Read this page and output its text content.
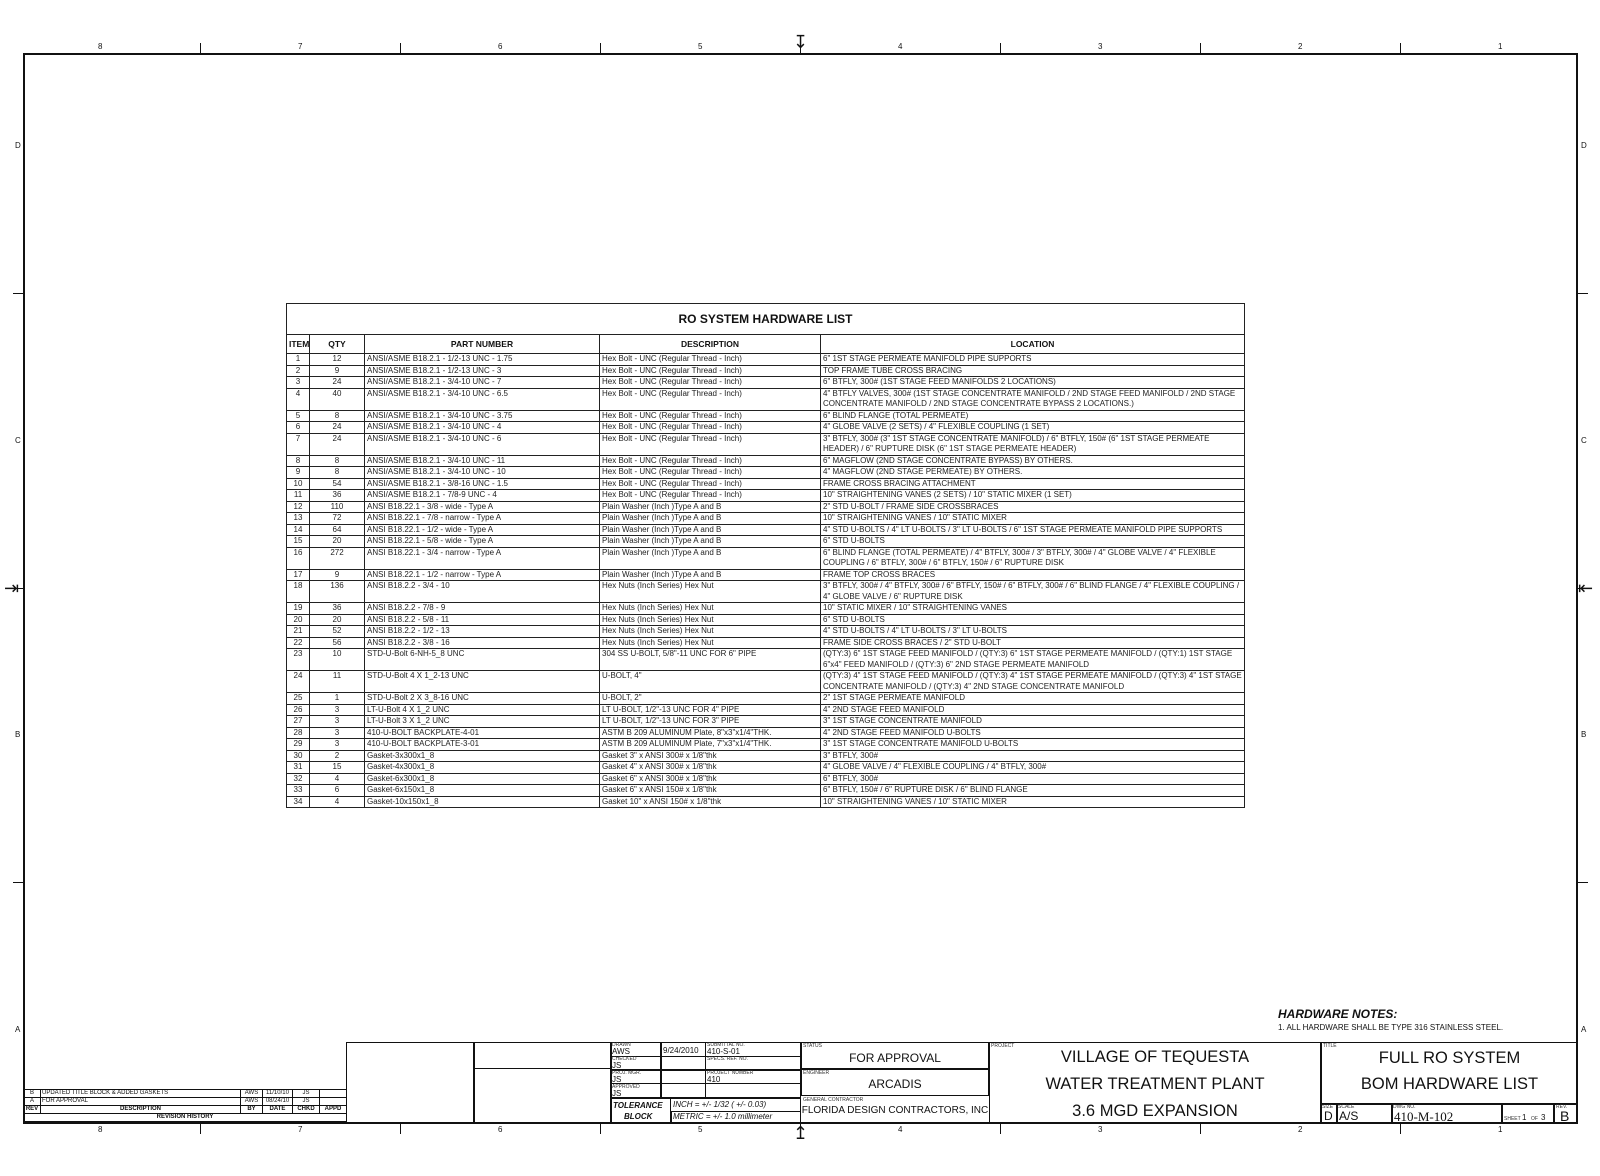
8
8
7
7
6
6
5
5
4
4
3
3
2
2
1
1
D	D
C	C
B	B
A	A
↧
↥
⇥	⇤
RO SYSTEM HARDWARE LIST				
ITEM	QTY	PART NUMBER	DESCRIPTION	LOCATION
1	12	ANSI/ASME B18.2.1 - 1/2-13 UNC - 1.75	Hex Bolt - UNC (Regular Thread - Inch)	6" 1ST STAGE PERMEATE MANIFOLD PIPE SUPPORTS
2	9	ANSI/ASME B18.2.1 - 1/2-13 UNC - 3	Hex Bolt - UNC (Regular Thread - Inch)	TOP FRAME TUBE CROSS BRACING
3	24	ANSI/ASME B18.2.1 - 3/4-10 UNC - 7	Hex Bolt - UNC (Regular Thread - Inch)	6" BTFLY, 300# (1ST STAGE FEED MANIFOLDS 2 LOCATIONS)
4	40	ANSI/ASME B18.2.1 - 3/4-10 UNC - 6.5	Hex Bolt - UNC (Regular Thread - Inch)	4" BTFLY VALVES, 300# (1ST STAGE CONCENTRATE MANIFOLD / 2ND STAGE FEED MANIFOLD / 2ND STAGE CONCENTRATE MANIFOLD / 2ND STAGE CONCENTRATE BYPASS 2 LOCATIONS.)
5	8	ANSI/ASME B18.2.1 - 3/4-10 UNC - 3.75	Hex Bolt - UNC (Regular Thread - Inch)	6" BLIND FLANGE (TOTAL PERMEATE)
6	24	ANSI/ASME B18.2.1 - 3/4-10 UNC - 4	Hex Bolt - UNC (Regular Thread - Inch)	4" GLOBE VALVE (2 SETS) / 4" FLEXIBLE COUPLING (1 SET)
7	24	ANSI/ASME B18.2.1 - 3/4-10 UNC - 6	Hex Bolt - UNC (Regular Thread - Inch)	3" BTFLY, 300# (3" 1ST STAGE CONCENTRATE MANIFOLD) / 6" BTFLY, 150# (6" 1ST STAGE PERMEATE HEADER) / 6" RUPTURE DISK (6" 1ST STAGE PERMEATE HEADER)
8	8	ANSI/ASME B18.2.1 - 3/4-10 UNC - 11	Hex Bolt - UNC (Regular Thread - Inch)	6" MAGFLOW (2ND STAGE CONCENTRATE BYPASS) BY OTHERS.
9	8	ANSI/ASME B18.2.1 - 3/4-10 UNC - 10	Hex Bolt - UNC (Regular Thread - Inch)	4" MAGFLOW (2ND STAGE PERMEATE) BY OTHERS.
10	54	ANSI/ASME B18.2.1 - 3/8-16 UNC - 1.5	Hex Bolt - UNC (Regular Thread - Inch)	FRAME CROSS BRACING ATTACHMENT
11	36	ANSI/ASME B18.2.1 - 7/8-9 UNC - 4	Hex Bolt - UNC (Regular Thread - Inch)	10" STRAIGHTENING VANES (2 SETS) / 10" STATIC MIXER (1 SET)
12	110	ANSI B18.22.1 - 3/8 - wide - Type A	Plain Washer (Inch )Type A and B	2" STD U-BOLT / FRAME SIDE CROSSBRACES
13	72	ANSI B18.22.1 - 7/8 - narrow - Type A	Plain Washer (Inch )Type A and B	10" STRAIGHTENING VANES / 10" STATIC MIXER
14	64	ANSI B18.22.1 - 1/2 - wide - Type A	Plain Washer (Inch )Type A and B	4" STD U-BOLTS / 4" LT U-BOLTS / 3" LT U-BOLTS / 6" 1ST STAGE PERMEATE MANIFOLD PIPE SUPPORTS
15	20	ANSI B18.22.1 - 5/8 - wide - Type A	Plain Washer (Inch )Type A and B	6" STD U-BOLTS
16	272	ANSI B18.22.1 - 3/4 - narrow - Type A	Plain Washer (Inch )Type A and B	6" BLIND FLANGE (TOTAL PERMEATE) / 4" BTFLY, 300# / 3" BTFLY, 300# / 4" GLOBE VALVE / 4" FLEXIBLE COUPLING / 6" BTFLY, 300# / 6" BTFLY, 150# / 6" RUPTURE DISK
17	9	ANSI B18.22.1 - 1/2 - narrow - Type A	Plain Washer (Inch )Type A and B	FRAME TOP CROSS BRACES
18	136	ANSI B18.2.2 - 3/4 - 10	Hex Nuts (Inch Series) Hex Nut	3" BTFLY, 300# / 4" BTFLY, 300# / 6" BTFLY, 150# / 6" BTFLY, 300# / 6" BLIND FLANGE / 4" FLEXIBLE COUPLING / 4" GLOBE VALVE / 6" RUPTURE DISK
19	36	ANSI B18.2.2 - 7/8 - 9	Hex Nuts (Inch Series) Hex Nut	10" STATIC MIXER / 10" STRAIGHTENING VANES
20	20	ANSI B18.2.2 - 5/8 - 11	Hex Nuts (Inch Series) Hex Nut	6" STD U-BOLTS
21	52	ANSI B18.2.2 - 1/2 - 13	Hex Nuts (Inch Series) Hex Nut	4" STD U-BOLTS / 4" LT U-BOLTS / 3" LT U-BOLTS
22	56	ANSI B18.2.2 - 3/8 - 16	Hex Nuts (Inch Series) Hex Nut	FRAME SIDE CROSS BRACES / 2" STD U-BOLT
23	10	STD-U-Bolt 6-NH-5_8 UNC	304 SS U-BOLT, 5/8"-11 UNC FOR 6" PIPE	(QTY:3) 6" 1ST STAGE FEED MANIFOLD / (QTY:3) 6" 1ST STAGE PERMEATE MANIFOLD / (QTY:1) 1ST STAGE 6"x4" FEED MANIFOLD / (QTY:3) 6" 2ND STAGE PERMEATE MANIFOLD
24	11	STD-U-Bolt 4 X 1_2-13 UNC	U-BOLT, 4"	(QTY:3) 4" 1ST STAGE FEED MANIFOLD / (QTY:3) 4" 1ST STAGE PERMEATE MANIFOLD / (QTY:3) 4" 1ST STAGE CONCENTRATE MANIFOLD / (QTY:3) 4" 2ND STAGE CONCENTRATE MANIFOLD
25	1	STD-U-Bolt 2 X 3_8-16 UNC	U-BOLT, 2"	2" 1ST STAGE PERMEATE MANIFOLD
26	3	LT-U-Bolt 4 X 1_2 UNC	LT U-BOLT, 1/2"-13 UNC FOR 4" PIPE	4" 2ND STAGE FEED MANIFOLD
27	3	LT-U-Bolt 3 X 1_2 UNC	LT U-BOLT, 1/2"-13 UNC FOR 3" PIPE	3" 1ST STAGE CONCENTRATE MANIFOLD
28	3	410-U-BOLT BACKPLATE-4-01	ASTM B 209 ALUMINUM Plate, 8"x3"x1/4"THK.	4" 2ND STAGE FEED MANIFOLD U-BOLTS
29	3	410-U-BOLT BACKPLATE-3-01	ASTM B 209 ALUMINUM Plate, 7"x3"x1/4"THK.	3" 1ST STAGE CONCENTRATE MANIFOLD U-BOLTS
30	2	Gasket-3x300x1_8	Gasket 3" x ANSI 300# x 1/8"thk	3" BTFLY, 300#
31	15	Gasket-4x300x1_8	Gasket 4" x ANSI 300# x 1/8"thk	4" GLOBE VALVE / 4" FLEXIBLE COUPLING / 4" BTFLY, 300#
32	4	Gasket-6x300x1_8	Gasket 6" x ANSI 300# x 1/8"thk	6" BTFLY, 300#
33	6	Gasket-6x150x1_8	Gasket 6" x ANSI 150# x 1/8"thk	6" BTFLY, 150# / 6" RUPTURE DISK / 6" BLIND FLANGE
34	4	Gasket-10x150x1_8	Gasket 10" x ANSI 150# x 1/8"thk	10" STRAIGHTENING VANES / 10" STATIC MIXER
HARDWARE NOTES:
1. ALL HARDWARE SHALL BE TYPE 316 STAINLESS STEEL.
B	UPDATED TITLE BLOCK & ADDED GASKETS	AWS	11/10/10	JS	
A	FOR APPROVAL	AWS	08/24/10	JS	
REV	DESCRIPTION	BY	DATE	CHKD	APPD
REVISION HISTORY					
DRAWN
AWS	9/24/2010
SUBMITTAL NO.
410-S-01
CHECKED
JS
SPECS. REF. NO.
PROJ. MGR.
JS
PROJECT NUMBER
410
APPROVED
JS
TOLERANCE
BLOCK
INCH = +/- 1/32 ( +/- 0.03)
METRIC = +/- 1.0 millimeter
STATUS
FOR APPROVAL
ENGINEER
ARCADIS
GENERAL CONTRACTOR
FLORIDA DESIGN CONTRACTORS, INC
PROJECT
VILLAGE OF TEQUESTA
WATER TREATMENT PLANT
3.6 MGD EXPANSION
TITLE
FULL RO SYSTEM
BOM HARDWARE LIST
SIZE
D
SCALE
A/S
DWG NO.
410-M-102	SHEET 1 OF 3
REV.
B
